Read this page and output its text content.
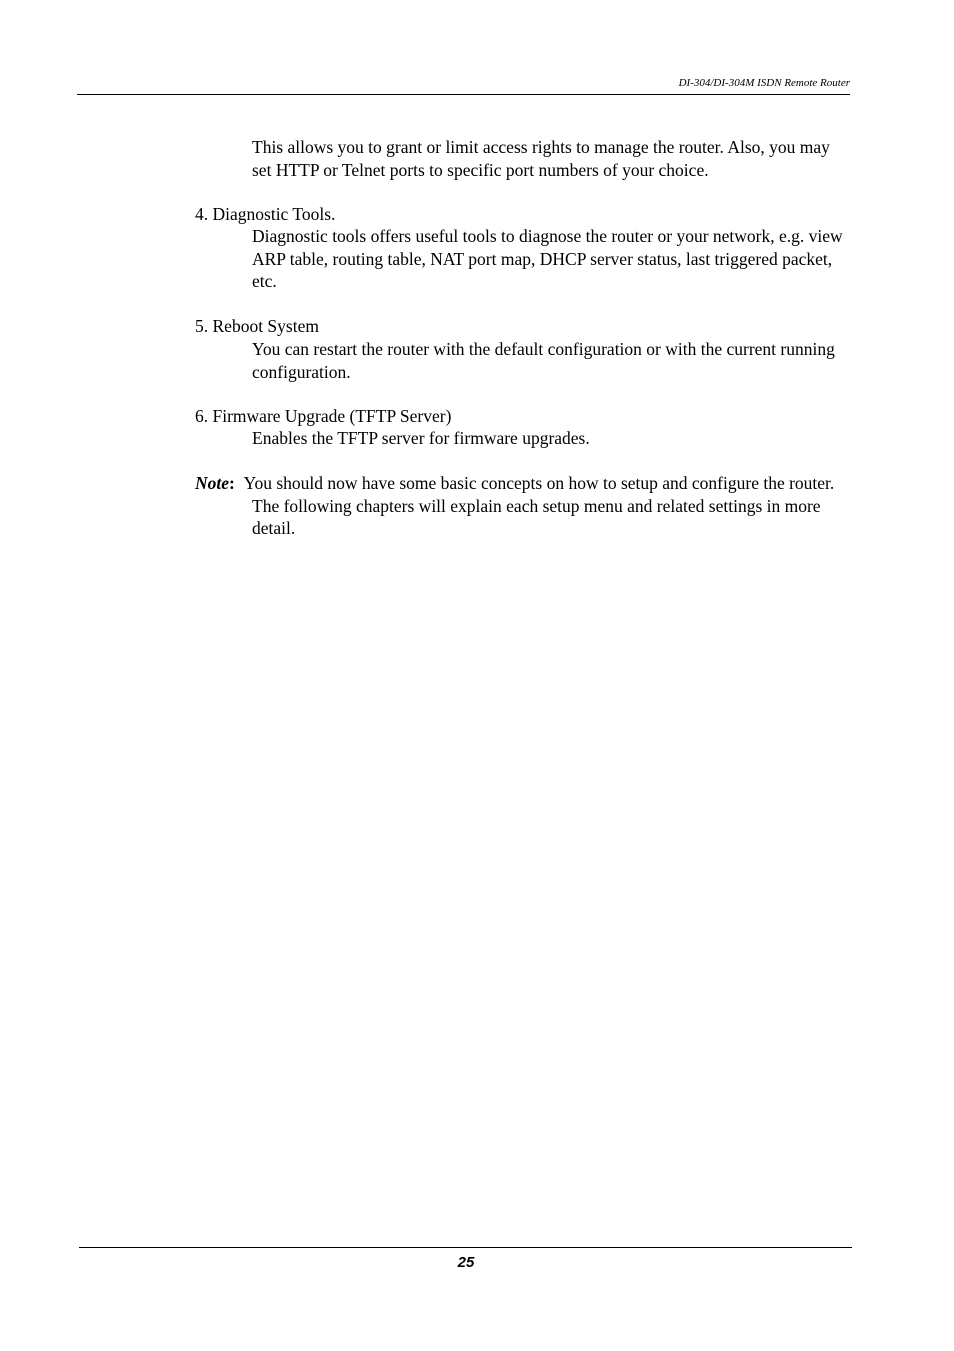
DI-304/DI-304M ISDN Remote Router
This allows you to grant or limit access rights to manage the router. Also, you may set HTTP or Telnet ports to specific port numbers of your choice.
4. Diagnostic Tools.
Diagnostic tools offers useful tools to diagnose the router or your network, e.g. view ARP table, routing table, NAT port map, DHCP server status, last triggered packet, etc.
5. Reboot System
You can restart the router with the default configuration or with the current running configuration.
6. Firmware Upgrade (TFTP Server)
Enables the TFTP server for firmware upgrades.
Note: You should now have some basic concepts on how to setup and configure the router. The following chapters will explain each setup menu and related settings in more detail.
25
